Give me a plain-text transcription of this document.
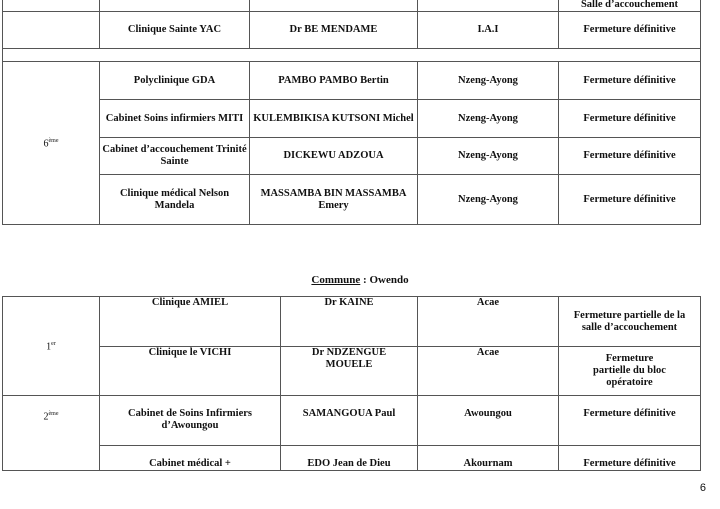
				Salle d’accouchement
	Clinique Sainte YAC	Dr BE MENDAME	I.A.I	Fermeture définitive

6ème	Polyclinique GDA	PAMBO PAMBO Bertin	Nzeng-Ayong	Fermeture définitive
	Cabinet Soins infirmiers MITI	KULEMBIKISA KUTSONI Michel	Nzeng-Ayong	Fermeture définitive
	Cabinet d’accouchement Trinité Sainte	DICKEWU ADZOUA	Nzeng-Ayong	Fermeture définitive
	Clinique médical Nelson Mandela	MASSAMBA BIN MASSAMBA Emery	Nzeng-Ayong	Fermeture définitive
Commune : Owendo
1er	Clinique AMIEL	Dr KAINE	Acae	Fermeture partielle de la salle d’accouchement
	Clinique le VICHI	Dr NDZENGUE MOUELE	Acae	Fermeture partielle du bloc opératoire
2ème	Cabinet de Soins Infirmiers d’Awoungou	SAMANGOUA Paul	Awoungou	Fermeture définitive
	Cabinet médical +	EDO Jean de Dieu	Akournam	Fermeture définitive
6
